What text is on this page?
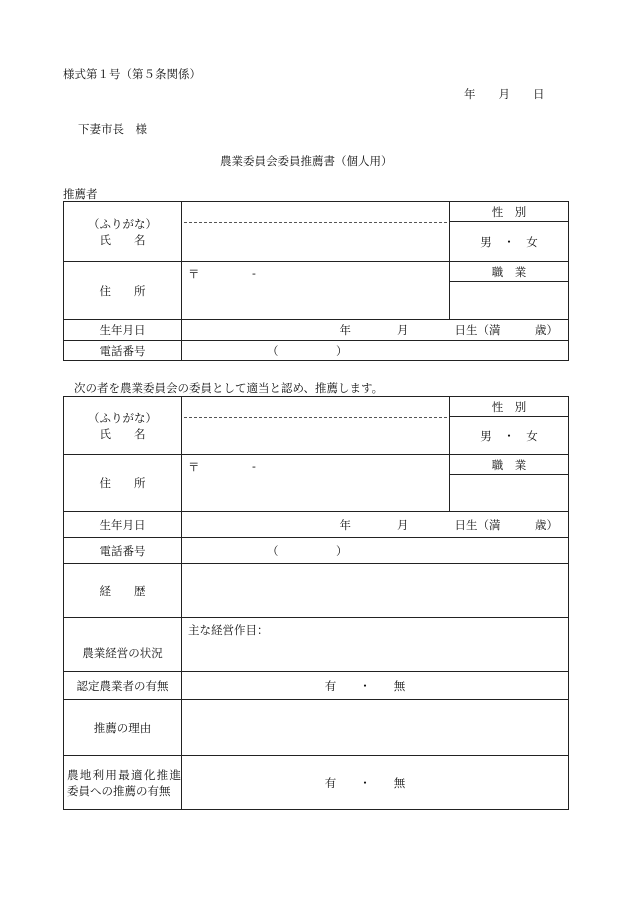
様式第１号（第５条関係）
年　　月　　日
下妻市長　様
農業委員会委員推薦書（個人用）
推薦者
（ふりがな）
氏　　名		性　別
		男　・　女
住　　所	〒 -	職　業

生年月日	年　　　　月　　　　日生（満　　　歳）	
電話番号	（　　　　　）	
次の者を農業委員会の委員として適当と認め、推薦します。
（ふりがな）
氏　　名		性　別
		男　・　女
住　　所	〒 -	職　業

生年月日	年　　　　月　　　　日生（満　　　歳）	
電話番号	（　　　　　）	
経　　歴		
農業経営の状況	主な経営作目：	
認定農業者の有無	有　　・　　無	
推薦の理由		
農地利用最適化推進委員への推薦の有無	有　　・　　無	
